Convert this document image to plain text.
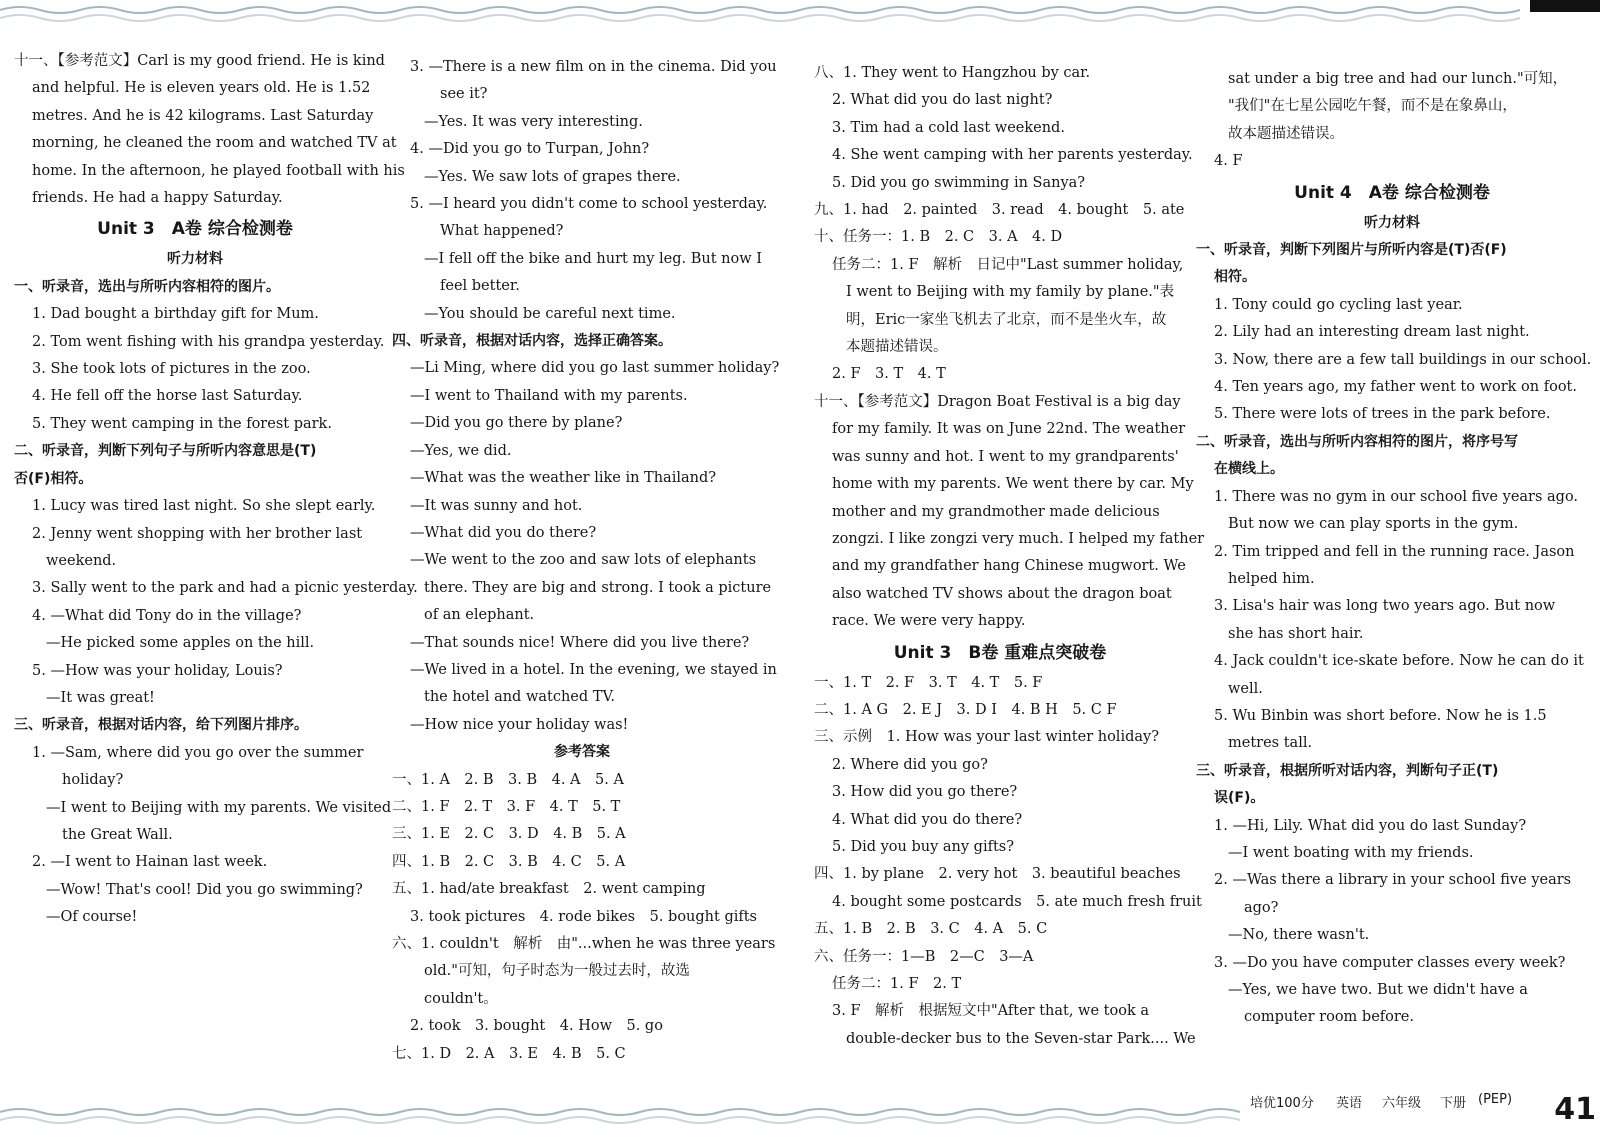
十一、【参考范文】Carl is my good friend. He is kind

and helpful. He is eleven years old. He is 1.52

metres. And he is 42 kilograms. Last Saturday

morning, he cleaned the room and watched TV at

home. In the afternoon, he played football with his

friends. He had a happy Saturday.

Unit 3　A卷 综合检测卷

听力材料

一、听录音，选出与所听内容相符的图片。

1. Dad bought a birthday gift for Mum.

2. Tom went fishing with his grandpa yesterday.

3. She took lots of pictures in the zoo.

4. He fell off the horse last Saturday.

5. They went camping in the forest park.

二、听录音，判断下列句子与所听内容意思是(T)

否(F)相符。

1. Lucy was tired last night. So she slept early.

2. Jenny went shopping with her brother last

weekend.

3. Sally went to the park and had a picnic yesterday.

4. —What did Tony do in the village?

—He picked some apples on the hill.

5. —How was your holiday, Louis?

—It was great!

三、听录音，根据对话内容，给下列图片排序。

1. —Sam, where did you go over the summer

holiday?

—I went to Beijing with my parents. We visited

the Great Wall.

2. —I went to Hainan last week.

—Wow! That's cool! Did you go swimming?

—Of course!

3. —There is a new film on in the cinema. Did you

see it?

—Yes. It was very interesting.

4. —Did you go to Turpan, John?

—Yes. We saw lots of grapes there.

5. —I heard you didn't come to school yesterday.

What happened?

—I fell off the bike and hurt my leg. But now I

feel better.

—You should be careful next time.

四、听录音，根据对话内容，选择正确答案。

—Li Ming, where did you go last summer holiday?

—I went to Thailand with my parents.

—Did you go there by plane?

—Yes, we did.

—What was the weather like in Thailand?

—It was sunny and hot.

—What did you do there?

—We went to the zoo and saw lots of elephants

there. They are big and strong. I took a picture

of an elephant.

—That sounds nice! Where did you live there?

—We lived in a hotel. In the evening, we stayed in

the hotel and watched TV.

—How nice your holiday was!

参考答案

一、1. A　2. B　3. B　4. A　5. A

二、1. F　2. T　3. F　4. T　5. T

三、1. E　2. C　3. D　4. B　5. A

四、1. B　2. C　3. B　4. C　5. A

五、1. had/ate breakfast　2. went camping

3. took pictures　4. rode bikes　5. bought gifts

六、1. couldn't　解析　由"...when he was three years

old."可知，句子时态为一般过去时，故选

couldn't。

2. took　3. bought　4. How　5. go

七、1. D　2. A　3. E　4. B　5. C

八、1. They went to Hangzhou by car.

2. What did you do last night?

3. Tim had a cold last weekend.

4. She went camping with her parents yesterday.

5. Did you go swimming in Sanya?

九、1. had　2. painted　3. read　4. bought　5. ate

十、任务一：1. B　2. C　3. A　4. D

任务二：1. F　解析　日记中"Last summer holiday,

I went to Beijing with my family by plane."表

明，Eric一家坐飞机去了北京，而不是坐火车，故

本题描述错误。

2. F　3. T　4. T

十一、【参考范文】Dragon Boat Festival is a big day

for my family. It was on June 22nd. The weather

was sunny and hot. I went to my grandparents'

home with my parents. We went there by car. My

mother and my grandmother made delicious

zongzi. I like zongzi very much. I helped my father

and my grandfather hang Chinese mugwort. We

also watched TV shows about the dragon boat

race. We were very happy.

Unit 3　B卷 重难点突破卷

一、1. T　2. F　3. T　4. T　5. F

二、1. A G　2. E J　3. D I　4. B H　5. C F

三、示例　1. How was your last winter holiday?

2. Where did you go?

3. How did you go there?

4. What did you do there?

5. Did you buy any gifts?

四、1. by plane　2. very hot　3. beautiful beaches

4. bought some postcards　5. ate much fresh fruit

五、1. B　2. B　3. C　4. A　5. C

六、任务一：1—B　2—C　3—A

任务二：1. F　2. T

3. F　解析　根据短文中"After that, we took a

double-decker bus to the Seven-star Park.... We

sat under a big tree and had our lunch."可知，

"我们"在七星公园吃午餐，而不是在象鼻山，

故本题描述错误。

4. F

Unit 4　A卷 综合检测卷

听力材料

一、听录音，判断下列图片与所听内容是(T)否(F)

相符。

1. Tony could go cycling last year.

2. Lily had an interesting dream last night.

3. Now, there are a few tall buildings in our school.

4. Ten years ago, my father went to work on foot.

5. There were lots of trees in the park before.

二、听录音，选出与所听内容相符的图片，将序号写

在横线上。

1. There was no gym in our school five years ago.

But now we can play sports in the gym.

2. Tim tripped and fell in the running race. Jason

helped him.

3. Lisa's hair was long two years ago. But now

she has short hair.

4. Jack couldn't ice-skate before. Now he can do it

well.

5. Wu Binbin was short before. Now he is 1.5

metres tall.

三、听录音，根据所听对话内容，判断句子正(T)

误(F)。

1. —Hi, Lily. What did you do last Sunday?

—I went boating with my friends.

2. —Was there a library in your school five years

ago?

—No, there wasn't.

3. —Do you have computer classes every week?

—Yes, we have two. But we didn't have a

computer room before.

培优100分 英语 六年级 下册 (PEP) 41
